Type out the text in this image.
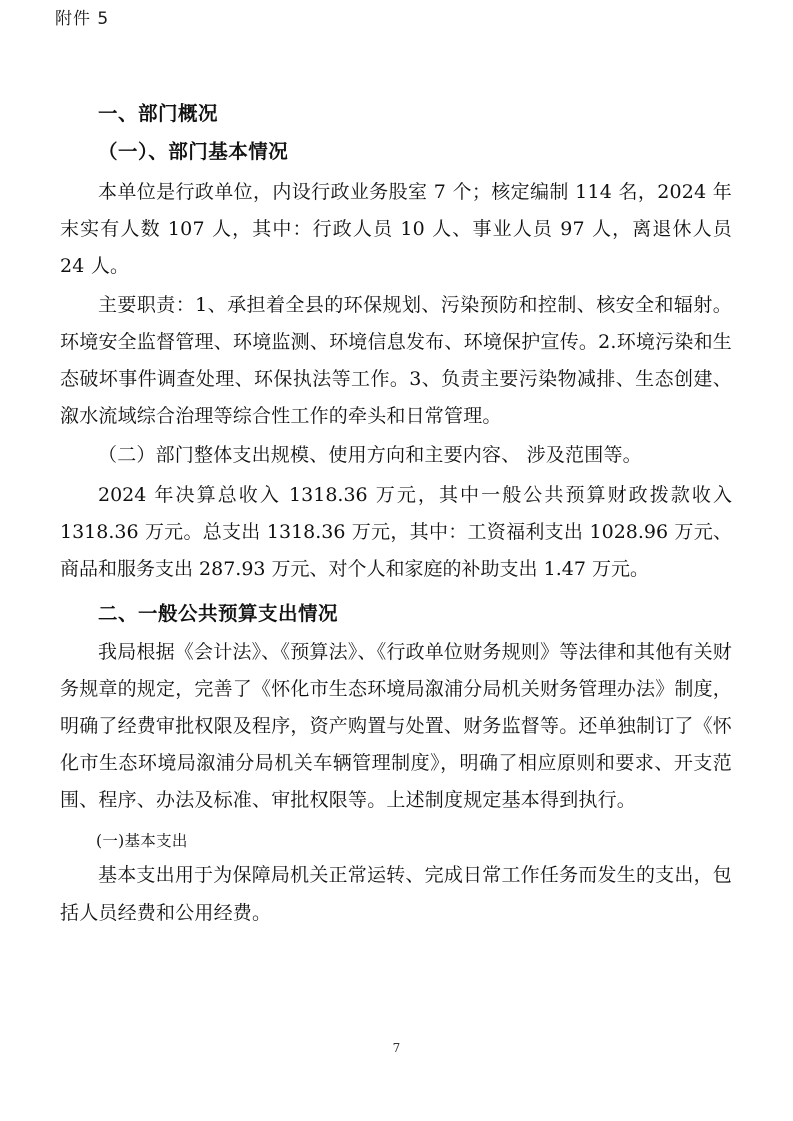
附件 5
一、部门概况
（一）、部门基本情况

本单位是行政单位，内设行政业务股室 7 个；核定编制 114 名，2024 年末实有人数 107 人，其中：行政人员 10 人、事业人员 97 人，离退休人员 24 人。

主要职责：1、承担着全县的环保规划、污染预防和控制、核安全和辐射。环境安全监督管理、环境监测、环境信息发布、环境保护宣传。2.环境污染和生态破坏事件调查处理、环保执法等工作。3、负责主要污染物减排、生态创建、溆水流域综合治理等综合性工作的牵头和日常管理。

（二）部门整体支出规模、使用方向和主要内容、 涉及范围等。

2024 年决算总收入 1318.36 万元，其中一般公共预算财政拨款收入 1318.36 万元。总支出 1318.36 万元，其中：工资福利支出 1028.96 万元、商品和服务支出 287.93 万元、对个人和家庭的补助支出 1.47 万元。

二、一般公共预算支出情况

我局根据《会计法》、《预算法》、《行政单位财务规则》等法律和其他有关财务规章的规定，完善了《怀化市生态环境局溆浦分局机关财务管理办法》制度，明确了经费审批权限及程序，资产购置与处置、财务监督等。还单独制订了《怀化市生态环境局溆浦分局机关车辆管理制度》，明确了相应原则和要求、开支范围、程序、办法及标准、审批权限等。上述制度规定基本得到执行。

(一)基本支出

基本支出用于为保障局机关正常运转、完成日常工作任务而发生的支出，包括人员经费和公用经费。

7
